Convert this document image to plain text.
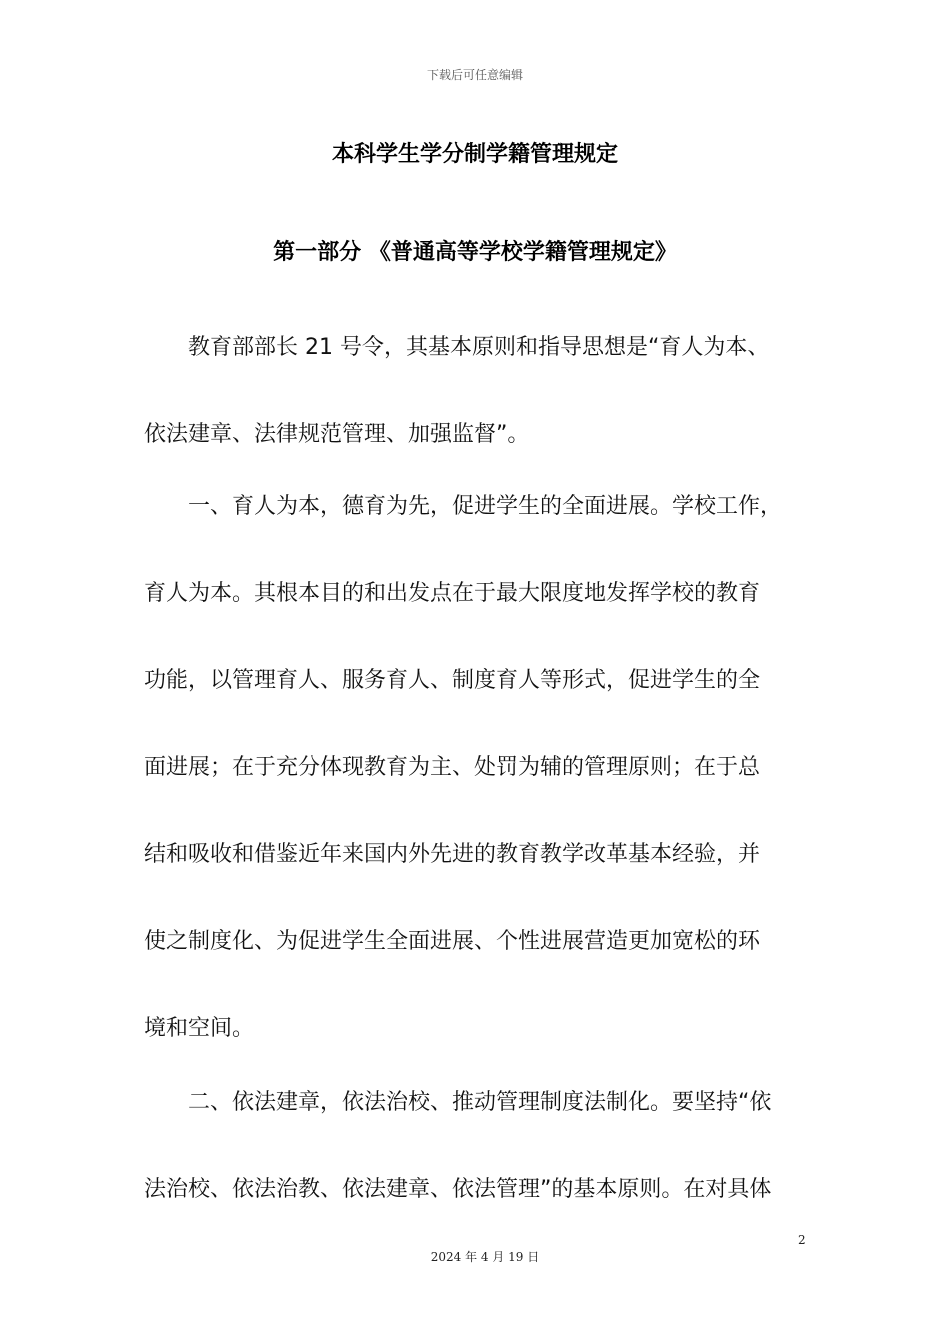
下载后可任意编辑
本科学生学分制学籍管理规定
第一部分 《普通高等学校学籍管理规定》
　　教育部部长 21 号令，其基本原则和指导思想是“育人为本、
依法建章、法律规范管理、加强监督”。
　　一、育人为本，德育为先，促进学生的全面进展。学校工作，
育人为本。其根本目的和出发点在于最大限度地发挥学校的教育
功能，以管理育人、服务育人、制度育人等形式，促进学生的全
面进展；在于充分体现教育为主、处罚为辅的管理原则；在于总
结和吸收和借鉴近年来国内外先进的教育教学改革基本经验，并
使之制度化、为促进学生全面进展、个性进展营造更加宽松的环
境和空间。
　　二、依法建章，依法治校、推动管理制度法制化。要坚持“依
法治校、依法治教、依法建章、依法管理”的基本原则。在对具体
2
2024 年 4 月 19 日
